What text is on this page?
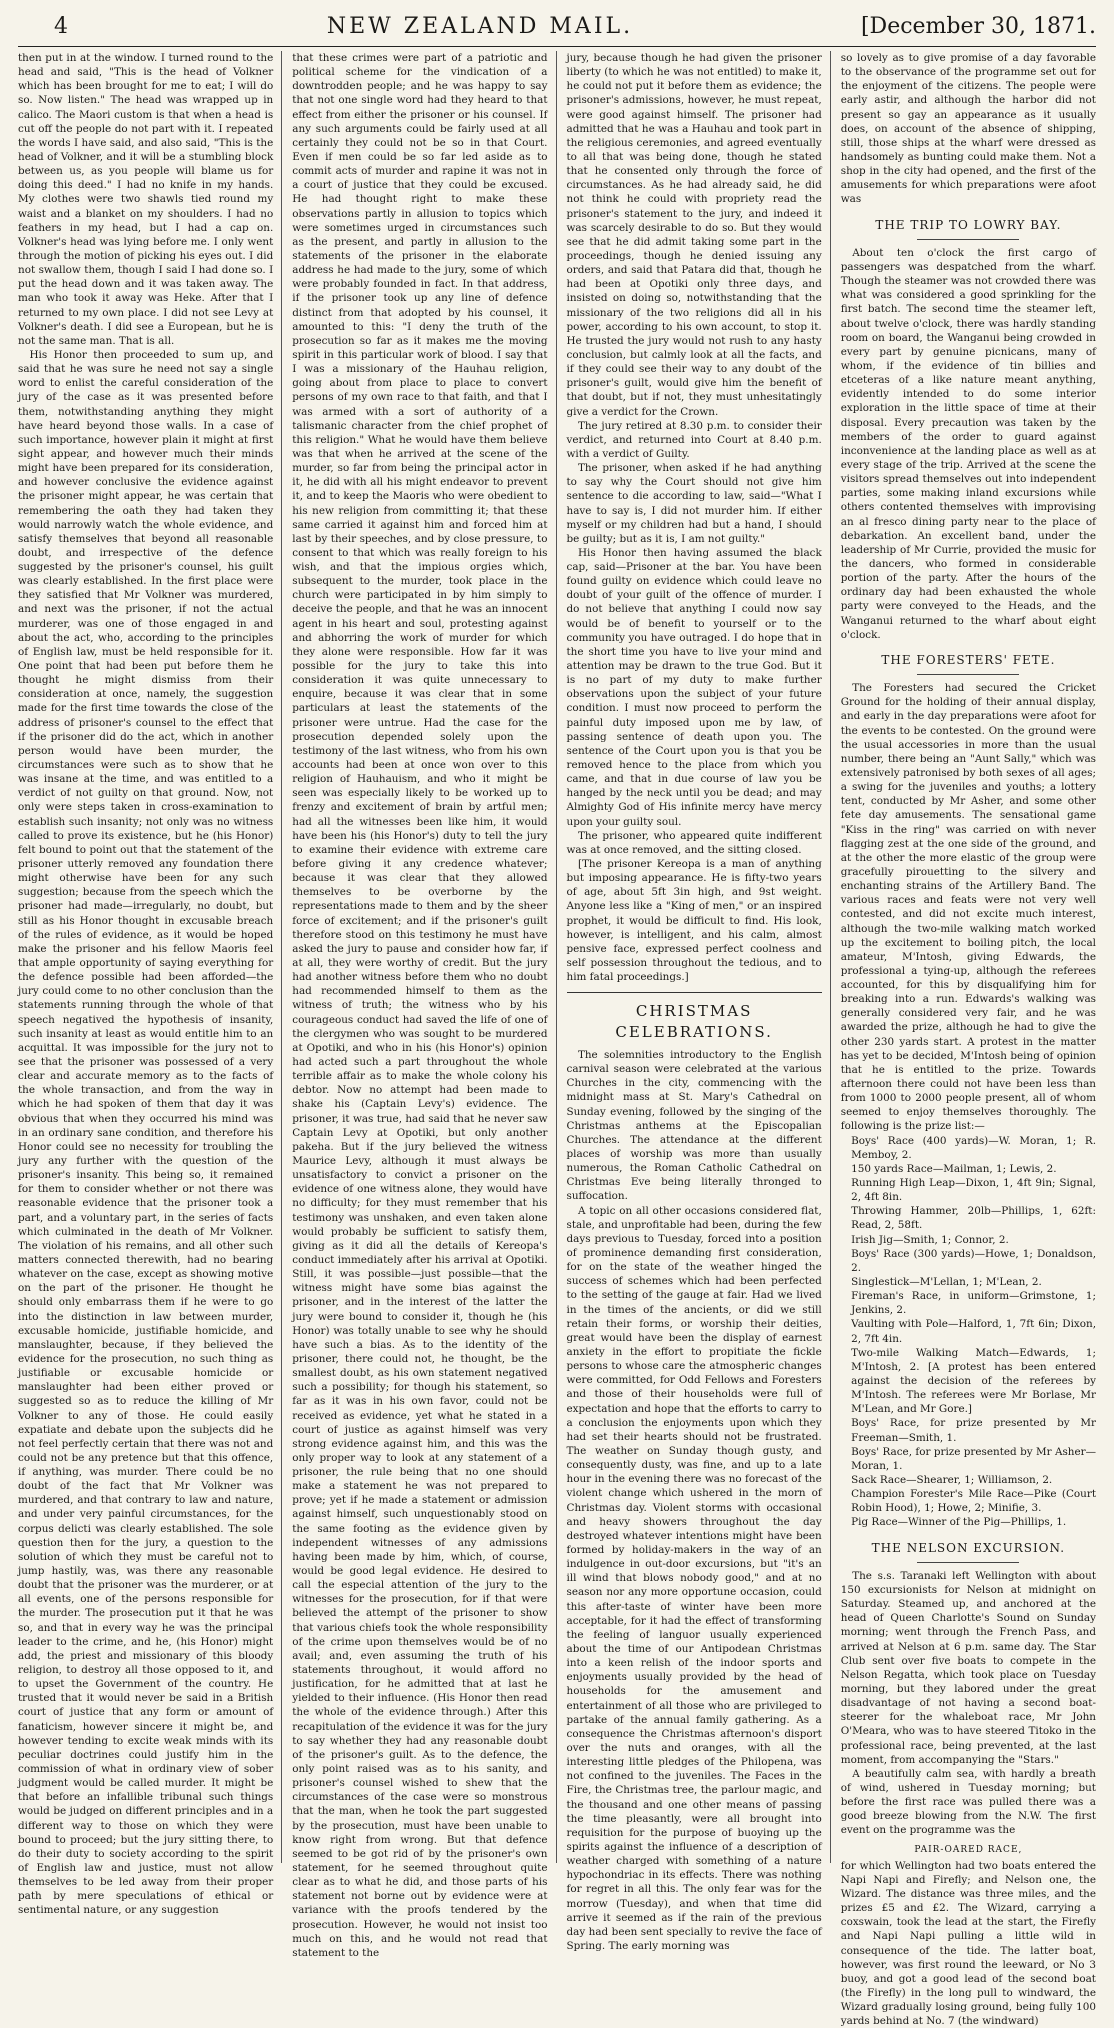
4	NEW ZEALAND MAIL.	[December 30, 1871.

then put in at the window. I turned round to the head and said, "This is the head of Volkner which has been brought for me to eat; I will do so. Now listen." The head was wrapped up in calico. The Maori custom is that when a head is cut off the people do not part with it. I repeated the words I have said, and also said, "This is the head of Volkner, and it will be a stumbling block between us, as you people will blame us for doing this deed." I had no knife in my hands. My clothes were two shawls tied round my waist and a blanket on my shoulders. I had no feathers in my head, but I had a cap on. Volkner's head was lying before me. I only went through the motion of picking his eyes out. I did not swallow them, though I said I had done so. I put the head down and it was taken away. The man who took it away was Heke. After that I returned to my own place. I did not see Levy at Volkner's death. I did see a European, but he is not the same man. That is all.

His Honor then proceeded to sum up, and said that he was sure he need not say a single word to enlist the careful consideration of the jury of the case as it was presented before them, notwithstanding anything they might have heard beyond those walls. In a case of such importance, however plain it might at first sight appear, and however much their minds might have been prepared for its consideration, and however conclusive the evidence against the prisoner might appear, he was certain that remembering the oath they had taken they would narrowly watch the whole evidence, and satisfy themselves that beyond all reasonable doubt, and irrespective of the defence suggested by the prisoner's counsel, his guilt was clearly established. In the first place were they satisfied that Mr Volkner was murdered, and next was the prisoner, if not the actual murderer, was one of those engaged in and about the act, who, according to the principles of English law, must be held responsible for it. One point that had been put before them he thought he might dismiss from their consideration at once, namely, the suggestion made for the first time towards the close of the address of prisoner's counsel to the effect that if the prisoner did do the act, which in another person would have been murder, the circumstances were such as to show that he was insane at the time, and was entitled to a verdict of not guilty on that ground. Now, not only were steps taken in cross-examination to establish such insanity; not only was no witness called to prove its existence, but he (his Honor) felt bound to point out that the statement of the prisoner utterly removed any foundation there might otherwise have been for any such suggestion; because from the speech which the prisoner had made—irregularly, no doubt, but still as his Honor thought in excusable breach of the rules of evidence, as it would be hoped make the prisoner and his fellow Maoris feel that ample opportunity of saying everything for the defence possible had been afforded—the jury could come to no other conclusion than the statements running through the whole of that speech negatived the hypothesis of insanity, such insanity at least as would entitle him to an acquittal. It was impossible for the jury not to see that the prisoner was possessed of a very clear and accurate memory as to the facts of the whole transaction, and from the way in which he had spoken of them that day it was obvious that when they occurred his mind was in an ordinary sane condition, and therefore his Honor could see no necessity for troubling the jury any further with the question of the prisoner's insanity. This being so, it remained for them to consider whether or not there was reasonable evidence that the prisoner took a part, and a voluntary part, in the series of facts which culminated in the death of Mr Volkner. The violation of his remains, and all other such matters connected therewith, had no bearing whatever on the case, except as showing motive on the part of the prisoner. He thought he should only embarrass them if he were to go into the distinction in law between murder, excusable homicide, justifiable homicide, and manslaughter, because, if they believed the evidence for the prosecution, no such thing as justifiable or excusable homicide or manslaughter had been either proved or suggested so as to reduce the killing of Mr Volkner to any of those. He could easily expatiate and debate upon the subjects did he not feel perfectly certain that there was not and could not be any pretence but that this offence, if anything, was murder. There could be no doubt of the fact that Mr Volkner was murdered, and that contrary to law and nature, and under very painful circumstances, for the corpus delicti was clearly established. The sole question then for the jury, a question to the solution of which they must be careful not to jump hastily, was, was there any reasonable doubt that the prisoner was the murderer, or at all events, one of the persons responsible for the murder. The prosecution put it that he was so, and that in every way he was the principal leader to the crime, and he, (his Honor) might add, the priest and missionary of this bloody religion, to destroy all those opposed to it, and to upset the Government of the country. He trusted that it would never be said in a British court of justice that any form or amount of fanaticism, however sincere it might be, and however tending to excite weak minds with its peculiar doctrines could justify him in the commission of what in ordinary view of sober judgment would be called murder. It might be that before an infallible tribunal such things would be judged on different principles and in a different way to those on which they were bound to proceed; but the jury sitting there, to do their duty to society according to the spirit of English law and justice, must not allow themselves to be led away from their proper path by mere speculations of ethical or sentimental nature, or any suggestion

that these crimes were part of a patriotic and political scheme for the vindication of a downtrodden people; and he was happy to say that not one single word had they heard to that effect from either the prisoner or his counsel. If any such arguments could be fairly used at all certainly they could not be so in that Court. Even if men could be so far led aside as to commit acts of murder and rapine it was not in a court of justice that they could be excused. He had thought right to make these observations partly in allusion to topics which were sometimes urged in circumstances such as the present, and partly in allusion to the statements of the prisoner in the elaborate address he had made to the jury, some of which were probably founded in fact. In that address, if the prisoner took up any line of defence distinct from that adopted by his counsel, it amounted to this: "I deny the truth of the prosecution so far as it makes me the moving spirit in this particular work of blood. I say that I was a missionary of the Hauhau religion, going about from place to place to convert persons of my own race to that faith, and that I was armed with a sort of authority of a talismanic character from the chief prophet of this religion." What he would have them believe was that when he arrived at the scene of the murder, so far from being the principal actor in it, he did with all his might endeavor to prevent it, and to keep the Maoris who were obedient to his new religion from committing it; that these same carried it against him and forced him at last by their speeches, and by close pressure, to consent to that which was really foreign to his wish, and that the impious orgies which, subsequent to the murder, took place in the church were participated in by him simply to deceive the people, and that he was an innocent agent in his heart and soul, protesting against and abhorring the work of murder for which they alone were responsible. How far it was possible for the jury to take this into consideration it was quite unnecessary to enquire, because it was clear that in some particulars at least the statements of the prisoner were untrue. Had the case for the prosecution depended solely upon the testimony of the last witness, who from his own accounts had been at once won over to this religion of Hauhauism, and who it might be seen was especially likely to be worked up to frenzy and excitement of brain by artful men; had all the witnesses been like him, it would have been his (his Honor's) duty to tell the jury to examine their evidence with extreme care before giving it any credence whatever; because it was clear that they allowed themselves to be overborne by the representations made to them and by the sheer force of excitement; and if the prisoner's guilt therefore stood on this testimony he must have asked the jury to pause and consider how far, if at all, they were worthy of credit. But the jury had another witness before them who no doubt had recommended himself to them as the witness of truth; the witness who by his courageous conduct had saved the life of one of the clergymen who was sought to be murdered at Opotiki, and who in his (his Honor's) opinion had acted such a part throughout the whole terrible affair as to make the whole colony his debtor. Now no attempt had been made to shake his (Captain Levy's) evidence. The prisoner, it was true, had said that he never saw Captain Levy at Opotiki, but only another pakeha. But if the jury believed the witness Maurice Levy, although it must always be unsatisfactory to convict a prisoner on the evidence of one witness alone, they would have no difficulty; for they must remember that his testimony was unshaken, and even taken alone would probably be sufficient to satisfy them, giving as it did all the details of Kereopa's conduct immediately after his arrival at Opotiki. Still, it was possible—just possible—that the witness might have some bias against the prisoner, and in the interest of the latter the jury were bound to consider it, though he (his Honor) was totally unable to see why he should have such a bias. As to the identity of the prisoner, there could not, he thought, be the smallest doubt, as his own statement negatived such a possibility; for though his statement, so far as it was in his own favor, could not be received as evidence, yet what he stated in a court of justice as against himself was very strong evidence against him, and this was the only proper way to look at any statement of a prisoner, the rule being that no one should make a statement he was not prepared to prove; yet if he made a statement or admission against himself, such unquestionably stood on the same footing as the evidence given by independent witnesses of any admissions having been made by him, which, of course, would be good legal evidence. He desired to call the especial attention of the jury to the witnesses for the prosecution, for if that were believed the attempt of the prisoner to show that various chiefs took the whole responsibility of the crime upon themselves would be of no avail; and, even assuming the truth of his statements throughout, it would afford no justification, for he admitted that at last he yielded to their influence. (His Honor then read the whole of the evidence through.) After this recapitulation of the evidence it was for the jury to say whether they had any reasonable doubt of the prisoner's guilt. As to the defence, the only point raised was as to his sanity, and prisoner's counsel wished to shew that the circumstances of the case were so monstrous that the man, when he took the part suggested by the prosecution, must have been unable to know right from wrong. But that defence seemed to be got rid of by the prisoner's own statement, for he seemed throughout quite clear as to what he did, and those parts of his statement not borne out by evidence were at variance with the proofs tendered by the prosecution. However, he would not insist too much on this, and he would not read that statement to the

jury, because though he had given the prisoner liberty (to which he was not entitled) to make it, he could not put it before them as evidence; the prisoner's admissions, however, he must repeat, were good against himself. The prisoner had admitted that he was a Hauhau and took part in the religious ceremonies, and agreed eventually to all that was being done, though he stated that he consented only through the force of circumstances. As he had already said, he did not think he could with propriety read the prisoner's statement to the jury, and indeed it was scarcely desirable to do so. But they would see that he did admit taking some part in the proceedings, though he denied issuing any orders, and said that Patara did that, though he had been at Opotiki only three days, and insisted on doing so, notwithstanding that the missionary of the two religions did all in his power, according to his own account, to stop it. He trusted the jury would not rush to any hasty conclusion, but calmly look at all the facts, and if they could see their way to any doubt of the prisoner's guilt, would give him the benefit of that doubt, but if not, they must unhesitatingly give a verdict for the Crown.

The jury retired at 8.30 p.m. to consider their verdict, and returned into Court at 8.40 p.m. with a verdict of Guilty.

The prisoner, when asked if he had anything to say why the Court should not give him sentence to die according to law, said—"What I have to say is, I did not murder him. If either myself or my children had but a hand, I should be guilty; but as it is, I am not guilty."

His Honor then having assumed the black cap, said—Prisoner at the bar. You have been found guilty on evidence which could leave no doubt of your guilt of the offence of murder. I do not believe that anything I could now say would be of benefit to yourself or to the community you have outraged. I do hope that in the short time you have to live your mind and attention may be drawn to the true God. But it is no part of my duty to make further observations upon the subject of your future condition. I must now proceed to perform the painful duty imposed upon me by law, of passing sentence of death upon you. The sentence of the Court upon you is that you be removed hence to the place from which you came, and that in due course of law you be hanged by the neck until you be dead; and may Almighty God of His infinite mercy have mercy upon your guilty soul.

The prisoner, who appeared quite indifferent was at once removed, and the sitting closed.

[The prisoner Kereopa is a man of anything but imposing appearance. He is fifty-two years of age, about 5ft 3in high, and 9st weight. Anyone less like a "King of men," or an inspired prophet, it would be difficult to find. His look, however, is intelligent, and his calm, almost pensive face, expressed perfect coolness and self possession throughout the tedious, and to him fatal proceedings.]

CHRISTMAS CELEBRATIONS.

The solemnities introductory to the English carnival season were celebrated at the various Churches in the city, commencing with the midnight mass at St. Mary's Cathedral on Sunday evening, followed by the singing of the Christmas anthems at the Episcopalian Churches. The attendance at the different places of worship was more than usually numerous, the Roman Catholic Cathedral on Christmas Eve being literally thronged to suffocation.

A topic on all other occasions considered flat, stale, and unprofitable had been, during the few days previous to Tuesday, forced into a position of prominence demanding first consideration, for on the state of the weather hinged the success of schemes which had been perfected to the setting of the gauge at fair. Had we lived in the times of the ancients, or did we still retain their forms, or worship their deities, great would have been the display of earnest anxiety in the effort to propitiate the fickle persons to whose care the atmospheric changes were committed, for Odd Fellows and Foresters and those of their households were full of expectation and hope that the efforts to carry to a conclusion the enjoyments upon which they had set their hearts should not be frustrated. The weather on Sunday though gusty, and consequently dusty, was fine, and up to a late hour in the evening there was no forecast of the violent change which ushered in the morn of Christmas day. Violent storms with occasional and heavy showers throughout the day destroyed whatever intentions might have been formed by holiday-makers in the way of an indulgence in out-door excursions, but "it's an ill wind that blows nobody good," and at no season nor any more opportune occasion, could this after-taste of winter have been more acceptable, for it had the effect of transforming the feeling of languor usually experienced about the time of our Antipodean Christmas into a keen relish of the indoor sports and enjoyments usually provided by the head of households for the amusement and entertainment of all those who are privileged to partake of the annual family gathering. As a consequence the Christmas afternoon's disport over the nuts and oranges, with all the interesting little pledges of the Philopena, was not confined to the juveniles. The Faces in the Fire, the Christmas tree, the parlour magic, and the thousand and one other means of passing the time pleasantly, were all brought into requisition for the purpose of buoying up the spirits against the influence of a description of weather charged with something of a nature hypochondriac in its effects. There was nothing for regret in all this. The only fear was for the morrow (Tuesday), and when that time did arrive it seemed as if the rain of the previous day had been sent specially to revive the face of Spring. The early morning was

so lovely as to give promise of a day favorable to the observance of the programme set out for the enjoyment of the citizens. The people were early astir, and although the harbor did not present so gay an appearance as it usually does, on account of the absence of shipping, still, those ships at the wharf were dressed as handsomely as bunting could make them. Not a shop in the city had opened, and the first of the amusements for which preparations were afoot was

THE TRIP TO LOWRY BAY.

About ten o'clock the first cargo of passengers was despatched from the wharf. Though the steamer was not crowded there was what was considered a good sprinkling for the first batch. The second time the steamer left, about twelve o'clock, there was hardly standing room on board, the Wanganui being crowded in every part by genuine picnicans, many of whom, if the evidence of tin billies and etceteras of a like nature meant anything, evidently intended to do some interior exploration in the little space of time at their disposal. Every precaution was taken by the members of the order to guard against inconvenience at the landing place as well as at every stage of the trip. Arrived at the scene the visitors spread themselves out into independent parties, some making inland excursions while others contented themselves with improvising an al fresco dining party near to the place of debarkation. An excellent band, under the leadership of Mr Currie, provided the music for the dancers, who formed in considerable portion of the party. After the hours of the ordinary day had been exhausted the whole party were conveyed to the Heads, and the Wanganui returned to the wharf about eight o'clock.

THE FORESTERS' FETE.

The Foresters had secured the Cricket Ground for the holding of their annual display, and early in the day preparations were afoot for the events to be contested. On the ground were the usual accessories in more than the usual number, there being an "Aunt Sally," which was extensively patronised by both sexes of all ages; a swing for the juveniles and youths; a lottery tent, conducted by Mr Asher, and some other fete day amusements. The sensational game "Kiss in the ring" was carried on with never flagging zest at the one side of the ground, and at the other the more elastic of the group were gracefully pirouetting to the silvery and enchanting strains of the Artillery Band. The various races and feats were not very well contested, and did not excite much interest, although the two-mile walking match worked up the excitement to boiling pitch, the local amateur, M'Intosh, giving Edwards, the professional a tying-up, although the referees accounted, for this by disqualifying him for breaking into a run. Edwards's walking was generally considered very fair, and he was awarded the prize, although he had to give the other 230 yards start. A protest in the matter has yet to be decided, M'Intosh being of opinion that he is entitled to the prize. Towards afternoon there could not have been less than from 1000 to 2000 people present, all of whom seemed to enjoy themselves thoroughly. The following is the prize list:—

Boys' Race (400 yards)—W. Moran, 1; R. Memboy, 2.

150 yards Race—Mailman, 1; Lewis, 2.

Running High Leap—Dixon, 1, 4ft 9in; Signal, 2, 4ft 8in.

Throwing Hammer, 20lb—Phillips, 1, 62ft: Read, 2, 58ft.

Irish Jig—Smith, 1; Connor, 2.

Boys' Race (300 yards)—Howe, 1; Donaldson, 2.

Singlestick—M'Lellan, 1; M'Lean, 2.

Fireman's Race, in uniform—Grimstone, 1; Jenkins, 2.

Vaulting with Pole—Halford, 1, 7ft 6in; Dixon, 2, 7ft 4in.

Two-mile Walking Match—Edwards, 1; M'Intosh, 2. [A protest has been entered against the decision of the referees by M'Intosh. The referees were Mr Borlase, Mr M'Lean, and Mr Gore.]

Boys' Race, for prize presented by Mr Freeman—Smith, 1.

Boys' Race, for prize presented by Mr Asher—Moran, 1.

Sack Race—Shearer, 1; Williamson, 2.

Champion Forester's Mile Race—Pike (Court Robin Hood), 1; Howe, 2; Minifie, 3.

Pig Race—Winner of the Pig—Phillips, 1.

THE NELSON EXCURSION.

The s.s. Taranaki left Wellington with about 150 excursionists for Nelson at midnight on Saturday. Steamed up, and anchored at the head of Queen Charlotte's Sound on Sunday morning; went through the French Pass, and arrived at Nelson at 6 p.m. same day. The Star Club sent over five boats to compete in the Nelson Regatta, which took place on Tuesday morning, but they labored under the great disadvantage of not having a second boat-steerer for the whaleboat race, Mr John O'Meara, who was to have steered Titoko in the professional race, being prevented, at the last moment, from accompanying the "Stars."

A beautifully calm sea, with hardly a breath of wind, ushered in Tuesday morning; but before the first race was pulled there was a good breeze blowing from the N.W. The first event on the programme was the

PAIR-OARED RACE,

for which Wellington had two boats entered the Napi Napi and Firefly; and Nelson one, the Wizard. The distance was three miles, and the prizes £5 and £2. The Wizard, carrying a coxswain, took the lead at the start, the Firefly and Napi Napi pulling a little wild in consequence of the tide. The latter boat, however, was first round the leeward, or No 3 buoy, and got a good lead of the second boat (the Firefly) in the long pull to windward, the Wizard gradually losing ground, being fully 100 yards behind at No. 7 (the windward)
